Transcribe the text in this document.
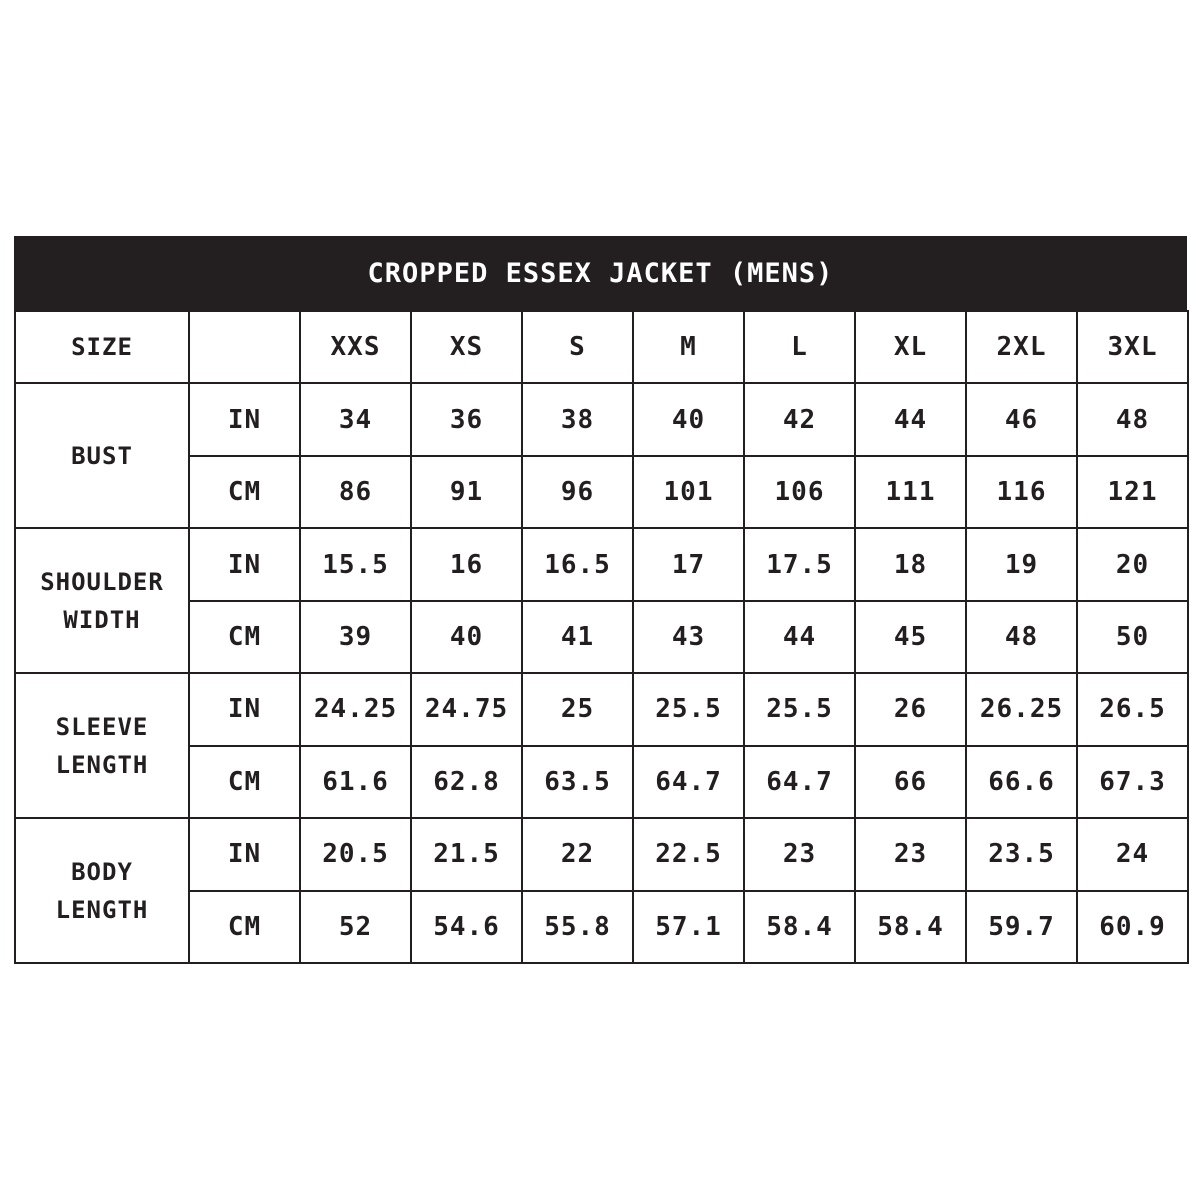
CROPPED ESSEX JACKET (MENS)
SIZE		XXS	XS	S	M	L	XL	2XL	3XL

BUST	IN	34	36	38	40	42	44	46	48
	CM	86	91	96	101	106	111	116	121

SHOULDER
WIDTH	IN	15.5	16	16.5	17	17.5	18	19	20
	CM	39	40	41	43	44	45	48	50

SLEEVE
LENGTH	IN	24.25	24.75	25	25.5	25.5	26	26.25	26.5
	CM	61.6	62.8	63.5	64.7	64.7	66	66.6	67.3

BODY
LENGTH	IN	20.5	21.5	22	22.5	23	23	23.5	24
	CM	52	54.6	55.8	57.1	58.4	58.4	59.7	60.9
